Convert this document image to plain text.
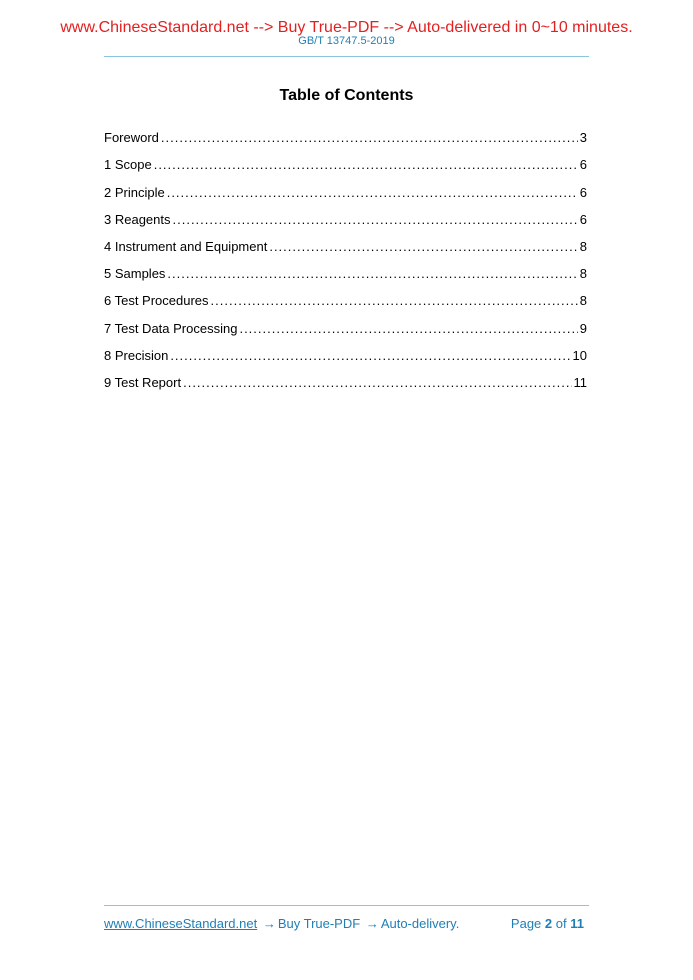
www.ChineseStandard.net --> Buy True-PDF --> Auto-delivered in 0~10 minutes.
GB/T 13747.5-2019
Table of Contents
Foreword .....	3
1 Scope .....	6
2 Principle .....	6
3 Reagents .....	6
4 Instrument and Equipment .....	8
5 Samples .....	8
6 Test Procedures .....	8
7 Test Data Processing .....	9
8 Precision .....	10
9 Test Report .....	11
www.ChineseStandard.net → Buy True-PDF → Auto-delivery.	Page 2 of 11
